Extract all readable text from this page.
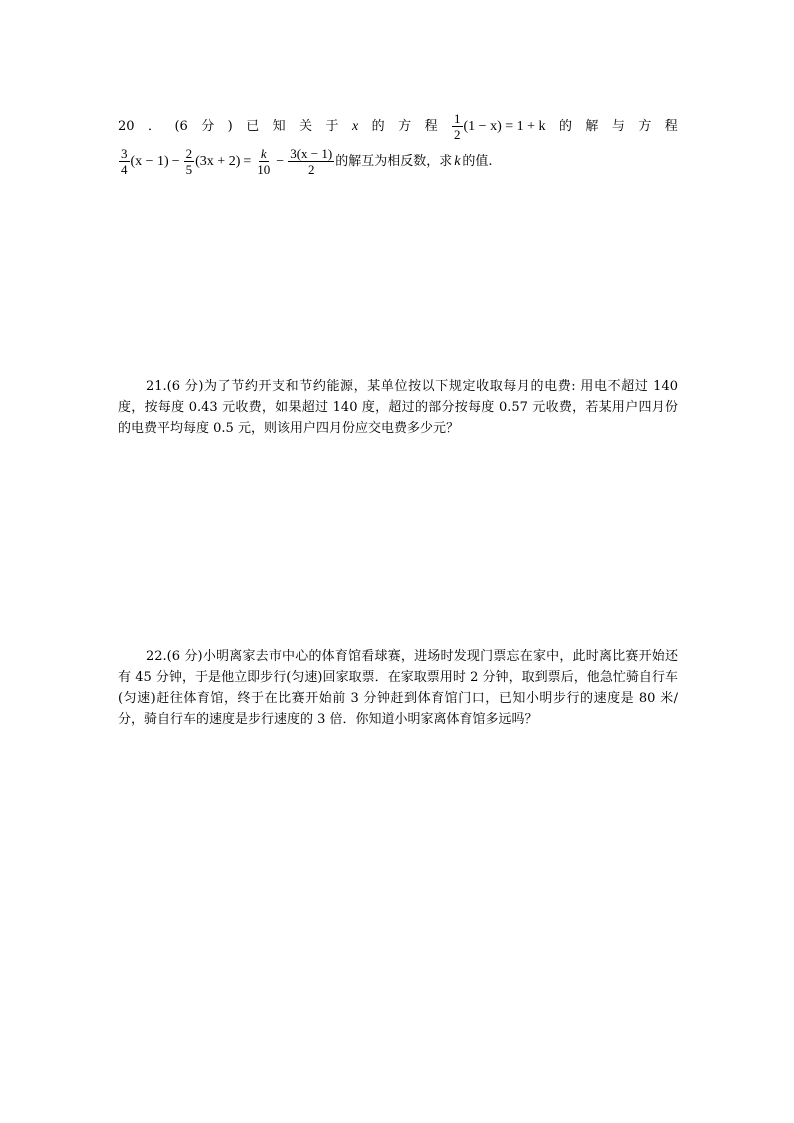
20 ． (6 分 ) 已 知 关 于 x 的 方 程 $\frac{1}{2} (1 - x) = 1 + k$ 的 解 与 方 程
$\frac{3}{4} (x - 1) - \frac{2}{5} (3x + 2) = \frac{k}{10} - \frac{3(x - 1)}{2}$ 的解互为相反数，求 k 的值.
21.(6 分)为了节约开支和节约能源，某单位按以下规定收取每月的电费: 用电不超过 140 度，按每度 0.43 元收费，如果超过 140 度，超过的部分按每度 0.57 元收费，若某用户四月份的电费平均每度 0.5 元，则该用户四月份应交电费多少元？
22.(6 分)小明离家去市中心的体育馆看球赛，进场时发现门票忘在家中，此时离比赛开始还有 45 分钟，于是他立即步行(匀速)回家取票．在家取票用时 2 分钟，取到票后，他急忙骑自行车(匀速)赶往体育馆，终于在比赛开始前 3 分钟赶到体育馆门口，已知小明步行的速度是 80 米/分，骑自行车的速度是步行速度的 3 倍．你知道小明家离体育馆多远吗？
